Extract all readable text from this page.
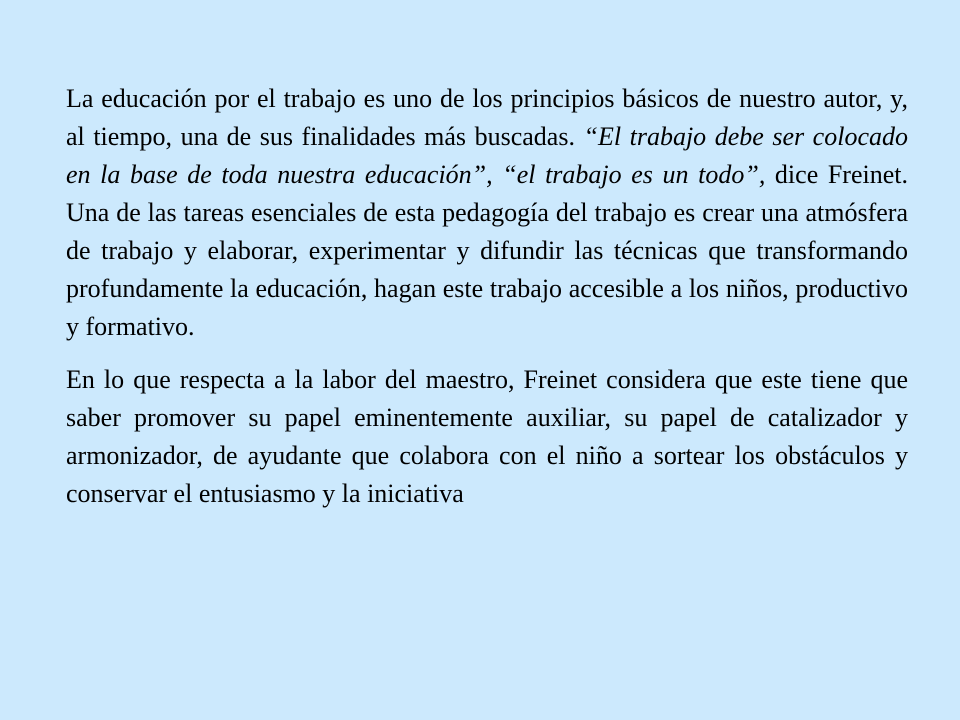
La educación por el trabajo es uno de los principios básicos de nuestro autor, y, al tiempo, una de sus finalidades más buscadas. “El trabajo debe ser colocado en la base de toda nuestra educación”, “el trabajo es un todo”, dice Freinet. Una de las tareas esenciales de esta pedagogía del trabajo es crear una atmósfera de trabajo y elaborar, experimentar y difundir las técnicas que transformando profundamente la educación, hagan este trabajo accesible a los niños, productivo y formativo.

En lo que respecta a la labor del maestro, Freinet considera que este tiene que saber promover su papel eminentemente auxiliar, su papel de catalizador y armonizador, de ayudante que colabora con el niño a sortear los obstáculos y conservar el entusiasmo y la iniciativa
